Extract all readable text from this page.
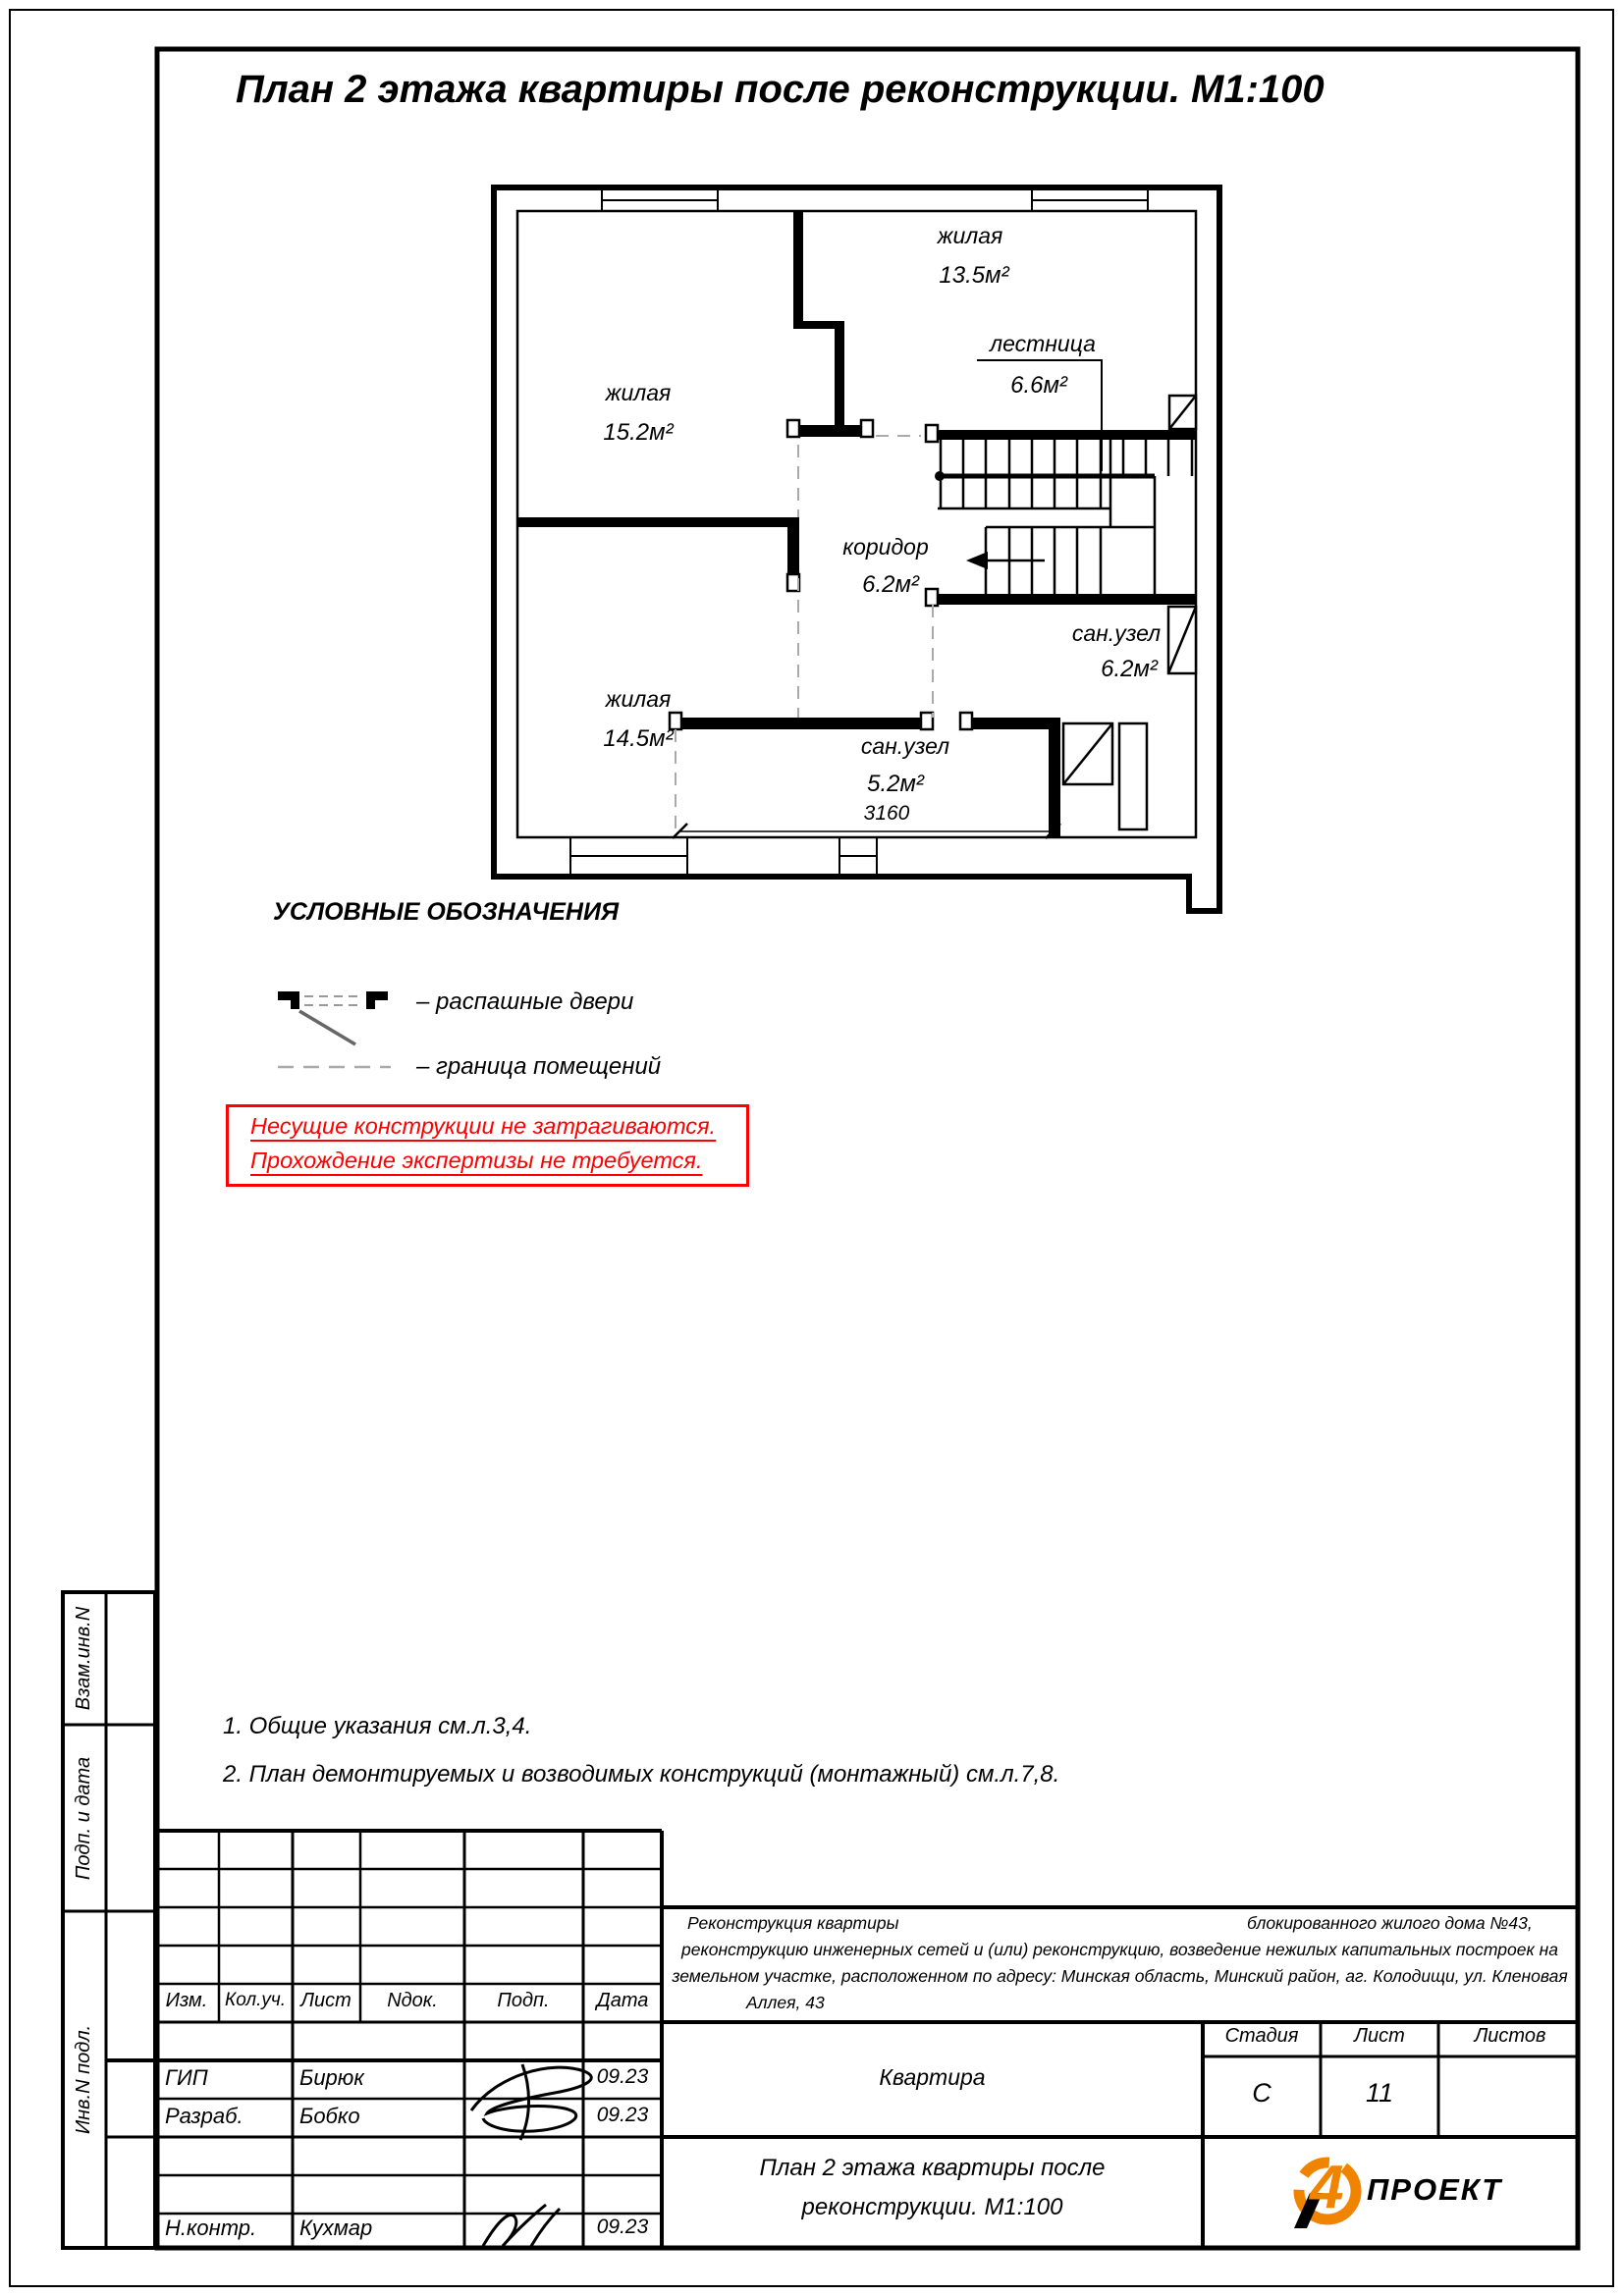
План 2 этажа квартиры после реконструкции. М1:100
жилая
15.2м²
жилая
13.5м²
лестница
6.6м²
коридор
6.2м²
жилая
14.5м²
сан.узел
6.2м²
сан.узел
5.2м²
3160
УСЛОВНЫЕ ОБОЗНАЧЕНИЯ
– распашные двери
– граница помещений
Несущие конструкции не затрагиваются.
Прохождение экспертизы не требуется.
1. Общие указания см.л.3,4.
2. План демонтируемых и возводимых конструкций (монтажный) см.л.7,8.
Взам.инв.N
Подп. и дата
Инв.N подл.
Изм. Кол.уч. Лист Nдок.	Подп. Дата
ГИП	Бирюк	09.23
Разраб.	Бобко	09.23
Н.контр. Кухмар	09.23
Реконструкция квартиры	блокированного жилого дома №43,
реконструкцию инженерных сетей и (или) реконструкцию, возведение нежилых капитальных построек на
земельном участке, расположенном по адресу: Минская область, Минский район, аг. Колодищи, ул. Кленовая
Аллея, 43
Квартира
Стадия	Лист	Листов
С	11
План 2 этажа квартиры после
реконструкции. М1:100	4 ПРОЕКТ
